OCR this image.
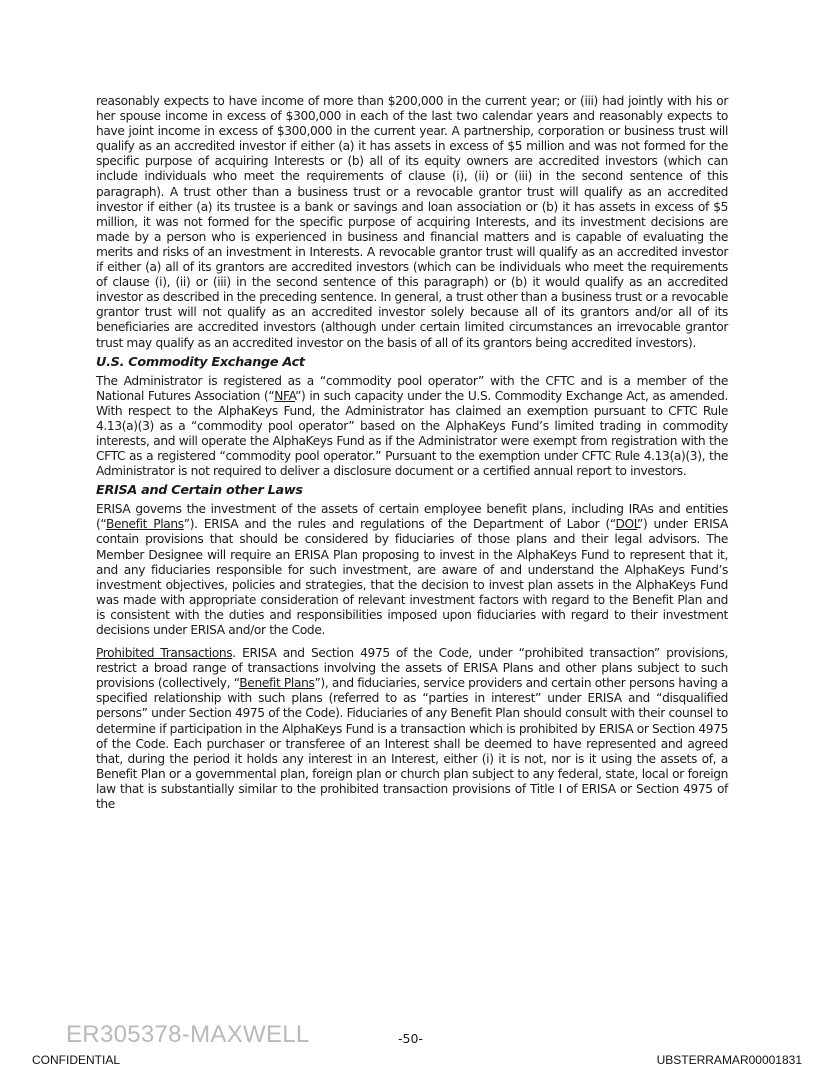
reasonably expects to have income of more than $200,000 in the current year; or (iii) had jointly with his or her spouse income in excess of $300,000 in each of the last two calendar years and reasonably expects to have joint income in excess of $300,000 in the current year. A partnership, corporation or business trust will qualify as an accredited investor if either (a) it has assets in excess of $5 million and was not formed for the specific purpose of acquiring Interests or (b) all of its equity owners are accredited investors (which can include individuals who meet the requirements of clause (i), (ii) or (iii) in the second sentence of this paragraph). A trust other than a business trust or a revocable grantor trust will qualify as an accredited investor if either (a) its trustee is a bank or savings and loan association or (b) it has assets in excess of $5 million, it was not formed for the specific purpose of acquiring Interests, and its investment decisions are made by a person who is experienced in business and financial matters and is capable of evaluating the merits and risks of an investment in Interests. A revocable grantor trust will qualify as an accredited investor if either (a) all of its grantors are accredited investors (which can be individuals who meet the requirements of clause (i), (ii) or (iii) in the second sentence of this paragraph) or (b) it would qualify as an accredited investor as described in the preceding sentence. In general, a trust other than a business trust or a revocable grantor trust will not qualify as an accredited investor solely because all of its grantors and/or all of its beneficiaries are accredited investors (although under certain limited circumstances an irrevocable grantor trust may qualify as an accredited investor on the basis of all of its grantors being accredited investors).

U.S. Commodity Exchange Act

The Administrator is registered as a “commodity pool operator” with the CFTC and is a member of the National Futures Association (“NFA”) in such capacity under the U.S. Commodity Exchange Act, as amended. With respect to the AlphaKeys Fund, the Administrator has claimed an exemption pursuant to CFTC Rule 4.13(a)(3) as a “commodity pool operator” based on the AlphaKeys Fund’s limited trading in commodity interests, and will operate the AlphaKeys Fund as if the Administrator were exempt from registration with the CFTC as a registered “commodity pool operator.” Pursuant to the exemption under CFTC Rule 4.13(a)(3), the Administrator is not required to deliver a disclosure document or a certified annual report to investors.

ERISA and Certain other Laws

ERISA governs the investment of the assets of certain employee benefit plans, including IRAs and entities (“Benefit Plans”). ERISA and the rules and regulations of the Department of Labor (“DOL”) under ERISA contain provisions that should be considered by fiduciaries of those plans and their legal advisors. The Member Designee will require an ERISA Plan proposing to invest in the AlphaKeys Fund to represent that it, and any fiduciaries responsible for such investment, are aware of and understand the AlphaKeys Fund’s investment objectives, policies and strategies, that the decision to invest plan assets in the AlphaKeys Fund was made with appropriate consideration of relevant investment factors with regard to the Benefit Plan and is consistent with the duties and responsibilities imposed upon fiduciaries with regard to their investment decisions under ERISA and/or the Code.

Prohibited Transactions. ERISA and Section 4975 of the Code, under “prohibited transaction” provisions, restrict a broad range of transactions involving the assets of ERISA Plans and other plans subject to such provisions (collectively, “Benefit Plans”), and fiduciaries, service providers and certain other persons having a specified relationship with such plans (referred to as “parties in interest” under ERISA and “disqualified persons” under Section 4975 of the Code). Fiduciaries of any Benefit Plan should consult with their counsel to determine if participation in the AlphaKeys Fund is a transaction which is prohibited by ERISA or Section 4975 of the Code. Each purchaser or transferee of an Interest shall be deemed to have represented and agreed that, during the period it holds any interest in an Interest, either (i) it is not, nor is it using the assets of, a Benefit Plan or a governmental plan, foreign plan or church plan subject to any federal, state, local or foreign law that is substantially similar to the prohibited transaction provisions of Title I of ERISA or Section 4975 of the

ER305378-MAXWELL	-50-
CONFIDENTIAL	UBSTERRAMAR00001831
